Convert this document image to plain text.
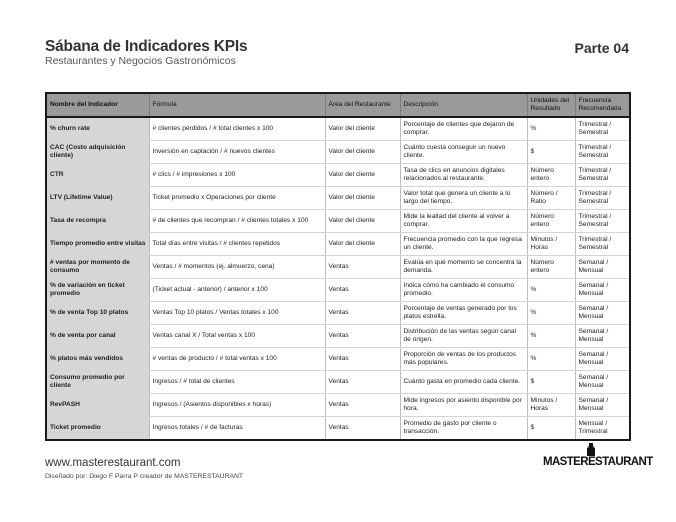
Sábana de Indicadores KPIs
Restaurantes y Negocios Gastronómicos
Parte 04
Nombre del Indicador	Fórmula	Área del Restaurante	Descripción	Unidades del Resultado	Frecuencia Recomendada
% churn rate	# clientes perdidos / # total clientes x 100	Valor del cliente	Porcentaje de clientes que dejaron de comprar.	%	Trimestral / Semestral
CAC (Costo adquisición cliente)	Inversión en captación / # nuevos clientes	Valor del cliente	Cuánto cuesta conseguir un nuevo cliente.	$	Trimestral / Semestral
CTR	# clics / # impresiones x 100	Valor del cliente	Tasa de clics en anuncios digitales relacionados al restaurante.	Número entero	Trimestral / Semestral
LTV (Lifetime Value)	Ticket promedio x Operaciones por cliente	Valor del cliente	Valor total que genera un cliente a lo largo del tiempo.	Número / Ratio	Trimestral / Semestral
Tasa de recompra	# de clientes que recompran / # clientes totales x 100	Valor del cliente	Mide la lealtad del cliente al volver a comprar.	Número entero	Trimestral / Semestral
Tiempo promedio entre visitas	Total días entre visitas / # clientes repetidos	Valor del cliente	Frecuencia promedio con la que regresa un cliente.	Minutos / Horas	Trimestral / Semestral
# ventas por momento de consumo	Ventas / # momentos (ej. almuerzo, cena)	Ventas	Evalúa en qué momento se concentra la demanda.	Número entero	Semanal / Mensual
% de variación en ticket promedio	(Ticket actual - anterior) / anterior x 100	Ventas	Indica cómo ha cambiado el consumo promedio.	%	Semanal / Mensual
% de venta Top 10 platos	Ventas Top 10 platos / Ventas totales x 100	Ventas	Porcentaje de ventas generado por los platos estrella.	%	Semanal / Mensual
% de venta por canal	Ventas canal X / Total ventas x 100	Ventas	Distribución de las ventas según canal de origen.	%	Semanal / Mensual
% platos más vendidos	# ventas de producto / # total ventas x 100	Ventas	Proporción de ventas de los productos más populares.	%	Semanal / Mensual
Consumo promedio por cliente	Ingresos / # total de clientes	Ventas	Cuánto gasta en promedio cada cliente.	$	Semanal / Mensual
RevPASH	Ingresos / (Asientos disponibles x horas)	Ventas	Mide ingresos por asiento disponible por hora.	Minutos / Horas	Semanal / Mensual
Ticket promedio	Ingresos totales / # de facturas	Ventas	Promedio de gasto por cliente o transacción.	$	Mensual / Trimestral
www.masterestaurant.com
Diseñado por: Diego F Parra P creador de MASTERESTAURANT
MASTERESTAURANT
